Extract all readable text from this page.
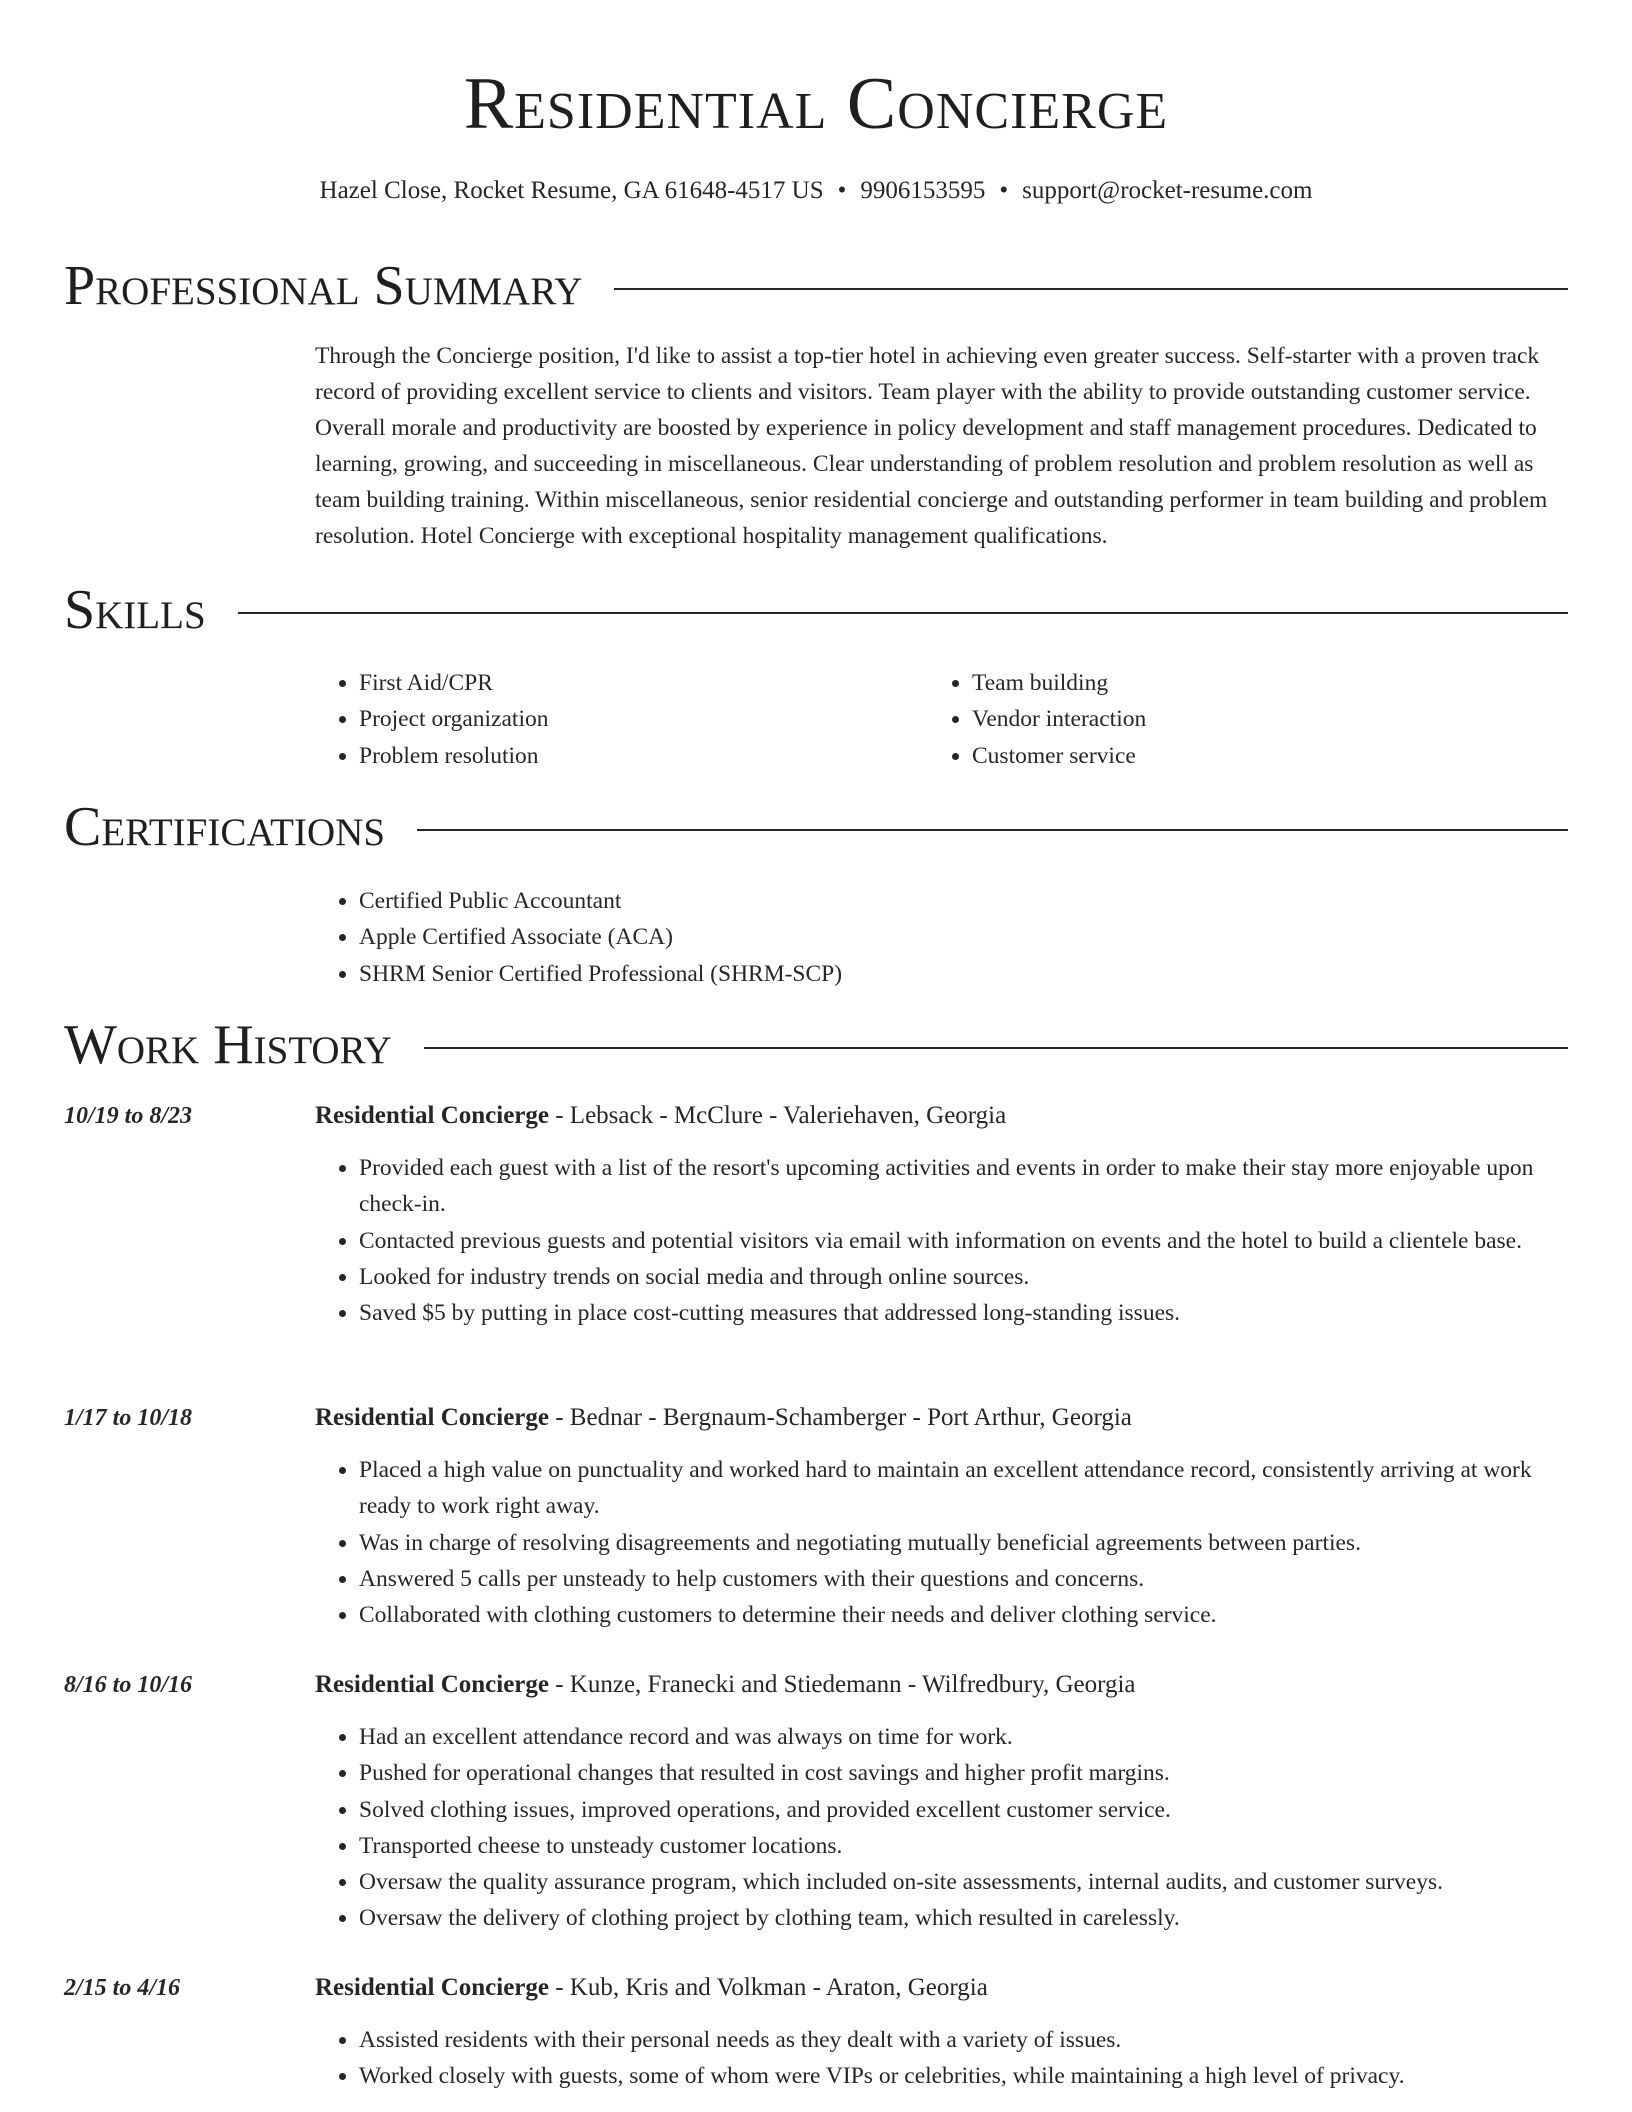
Residential Concierge
Hazel Close, Rocket Resume, GA 61648-4517 US • 9906153595 • support@rocket-resume.com
Professional Summary

Through the Concierge position, I'd like to assist a top-tier hotel in achieving even greater success. Self-starter with a proven track record of providing excellent service to clients and visitors. Team player with the ability to provide outstanding customer service. Overall morale and productivity are boosted by experience in policy development and staff management procedures. Dedicated to learning, growing, and succeeding in miscellaneous. Clear understanding of problem resolution and problem resolution as well as team building training. Within miscellaneous, senior residential concierge and outstanding performer in team building and problem resolution. Hotel Concierge with exceptional hospitality management qualifications.

Skills
• First Aid/CPR
• Project organization
• Problem resolution
• Team building
• Vendor interaction
• Customer service
Certifications
• Certified Public Accountant
• Apple Certified Associate (ACA)
• SHRM Senior Certified Professional (SHRM-SCP)
Work History
10/19 to 8/23	Residential Concierge - Lebsack - McClure - Valeriehaven, Georgia
• Provided each guest with a list of the resort's upcoming activities and events in order to make their stay more enjoyable upon check-in.
• Contacted previous guests and potential visitors via email with information on events and the hotel to build a clientele base.
• Looked for industry trends on social media and through online sources.
• Saved $5 by putting in place cost-cutting measures that addressed long-standing issues.
1/17 to 10/18	Residential Concierge - Bednar - Bergnaum-Schamberger - Port Arthur, Georgia
• Placed a high value on punctuality and worked hard to maintain an excellent attendance record, consistently arriving at work ready to work right away.
• Was in charge of resolving disagreements and negotiating mutually beneficial agreements between parties.
• Answered 5 calls per unsteady to help customers with their questions and concerns.
• Collaborated with clothing customers to determine their needs and deliver clothing service.
8/16 to 10/16	Residential Concierge - Kunze, Franecki and Stiedemann - Wilfredbury, Georgia
• Had an excellent attendance record and was always on time for work.
• Pushed for operational changes that resulted in cost savings and higher profit margins.
• Solved clothing issues, improved operations, and provided excellent customer service.
• Transported cheese to unsteady customer locations.
• Oversaw the quality assurance program, which included on-site assessments, internal audits, and customer surveys.
• Oversaw the delivery of clothing project by clothing team, which resulted in carelessly.
2/15 to 4/16	Residential Concierge - Kub, Kris and Volkman - Araton, Georgia
• Assisted residents with their personal needs as they dealt with a variety of issues.
• Worked closely with guests, some of whom were VIPs or celebrities, while maintaining a high level of privacy.
